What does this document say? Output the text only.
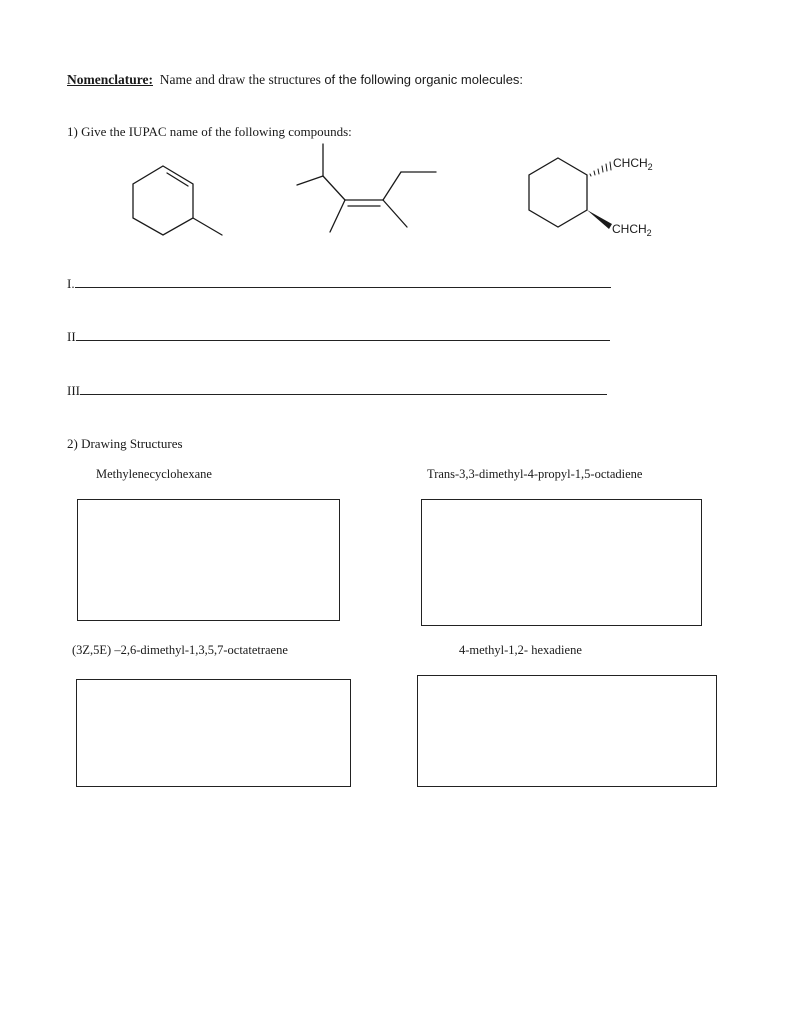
Nomenclature: Name and draw the structures of the following organic molecules:
1) Give the IUPAC name of the following compounds:
$CHCH_2$
$CHCH_2$
I.
II
III
2) Drawing Structures
Methylenecyclohexane	Trans-3,3-dimethyl-4-propyl-1,5-octadiene
(3Z,5E) –2,6-dimethyl-1,3,5,7-octatetraene	4-methyl-1,2- hexadiene
